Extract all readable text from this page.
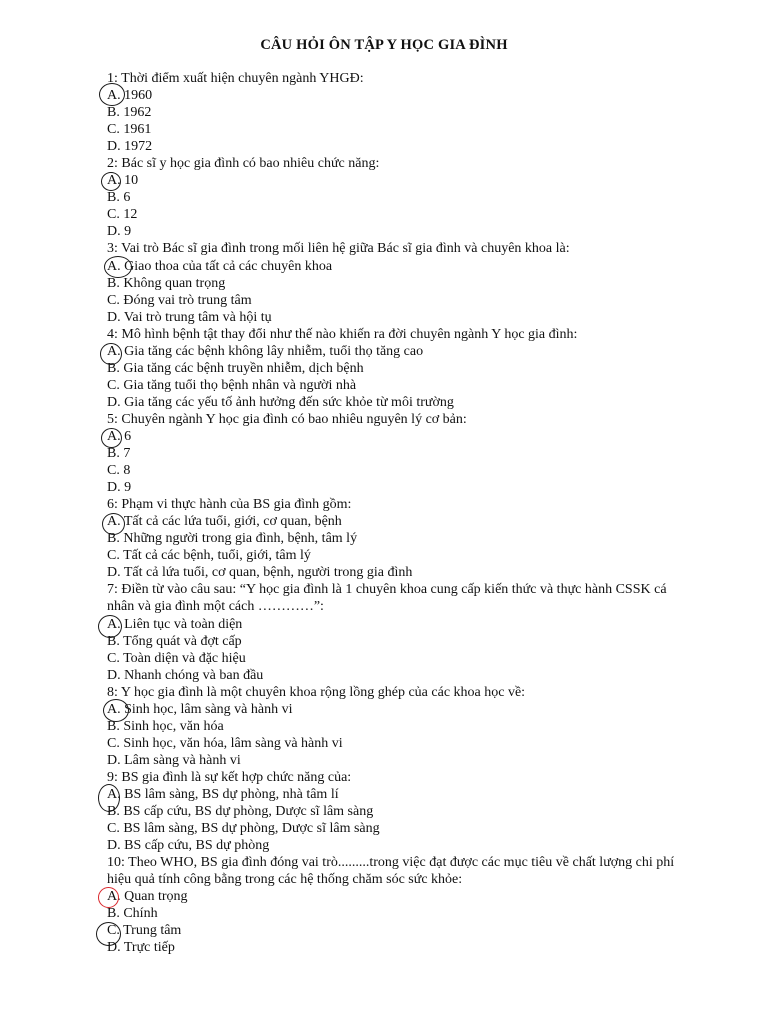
CÂU HỎI ÔN TẬP Y HỌC GIA ĐÌNH
1: Thời điểm xuất hiện chuyên ngành YHGĐ:
A. 1960
B. 1962
C. 1961
D. 1972
2: Bác sĩ y học gia đình có bao nhiêu chức năng:
A. 10
B. 6
C. 12
D. 9
3: Vai trò Bác sĩ gia đình trong mối liên hệ giữa Bác sĩ gia đình và chuyên khoa là:
A. Giao thoa của tất cả các chuyên khoa
B. Không quan trọng
C. Đóng vai trò trung tâm
D. Vai trò trung tâm và hội tụ
4: Mô hình bệnh tật thay đổi như thế nào khiến ra đời chuyên ngành Y học gia đình:
A. Gia tăng các bệnh không lây nhiễm, tuổi thọ tăng cao
B. Gia tăng các bệnh truyền nhiễm, dịch bệnh
C. Gia tăng tuổi thọ bệnh nhân và người nhà
D. Gia tăng các yếu tố ảnh hưởng đến sức khỏe từ môi trường
5: Chuyên ngành Y học gia đình có bao nhiêu nguyên lý cơ bản:
A. 6
B. 7
C. 8
D. 9
6: Phạm vi thực hành của BS gia đình gồm:
A. Tất cả các lứa tuổi, giới, cơ quan, bệnh
B. Những người trong gia đình, bệnh, tâm lý
C. Tất cả các bệnh, tuổi, giới, tâm lý
D. Tất cả lứa tuổi, cơ quan, bệnh, người trong gia đình
7: Điền từ vào câu sau: “Y học gia đình là 1 chuyên khoa cung cấp kiến thức và thực hành CSSK cá nhân và gia đình một cách …………”:
A. Liên tục và toàn diện
B. Tổng quát và đợt cấp
C. Toàn diện và đặc hiệu
D. Nhanh chóng và ban đầu
8: Y học gia đình là một chuyên khoa rộng lồng ghép của các khoa học về:
A. Sinh học, lâm sàng và hành vi
B. Sinh học, văn hóa
C. Sinh học, văn hóa, lâm sàng và hành vi
D. Lâm sàng và hành vi
9: BS gia đình là sự kết hợp chức năng của:
A. BS lâm sàng, BS dự phòng, nhà tâm lí
B. BS cấp cứu, BS dự phòng, Dược sĩ lâm sàng
C. BS lâm sàng, BS dự phòng, Dược sĩ lâm sàng
D. BS cấp cứu, BS dự phòng
10: Theo WHO, BS gia đình đóng vai trò.........trong việc đạt được các mục tiêu về chất lượng chi phí hiệu quả tính công bằng trong các hệ thống chăm sóc sức khỏe:
A. Quan trọng
B. Chính
C. Trung tâm
D. Trực tiếp
